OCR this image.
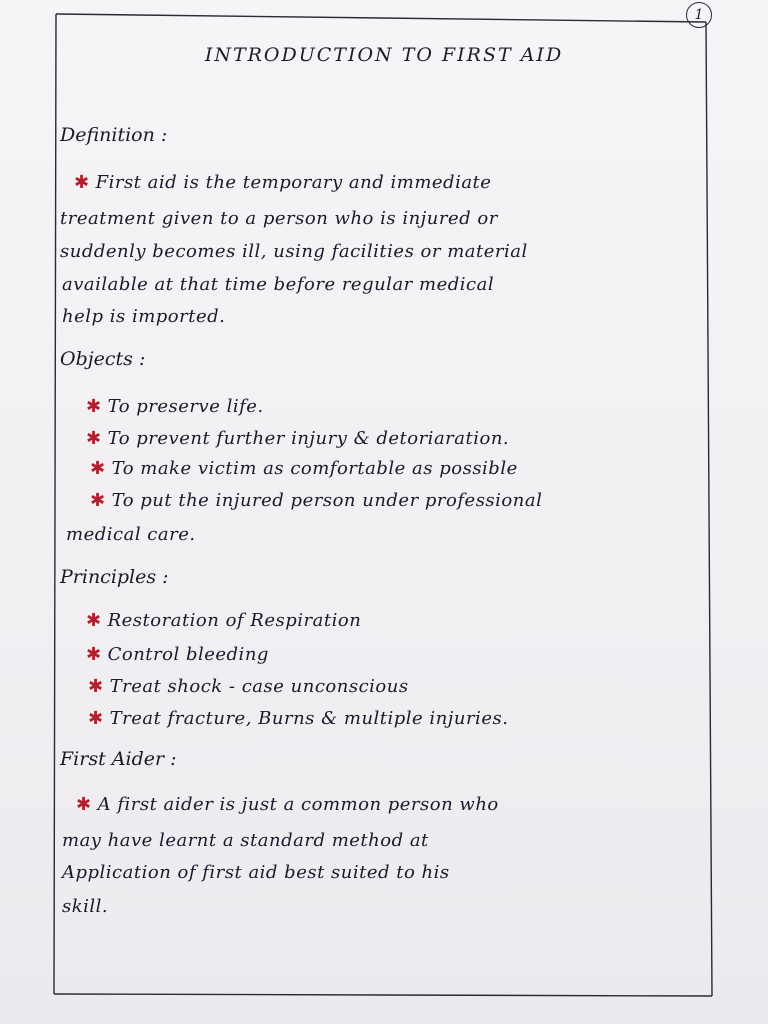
1
INTRODUCTION TO FIRST AID
Definition :
✱ First aid is the temporary and immediate
treatment given to a person who is injured or
suddenly becomes ill, using facilities or material
available at that time before regular medical
help is imported.
Objects :
✱ To preserve life.
✱ To prevent further injury & detoriaration.
✱ To make victim as comfortable as possible
✱ To put the injured person under professional
medical care.
Principles :
✱ Restoration of Respiration
✱ Control bleeding
✱ Treat shock - case unconscious
✱ Treat fracture, Burns & multiple injuries.
First Aider :
✱ A first aider is just a common person who
may have learnt a standard method at
Application of first aid best suited to his
skill.
